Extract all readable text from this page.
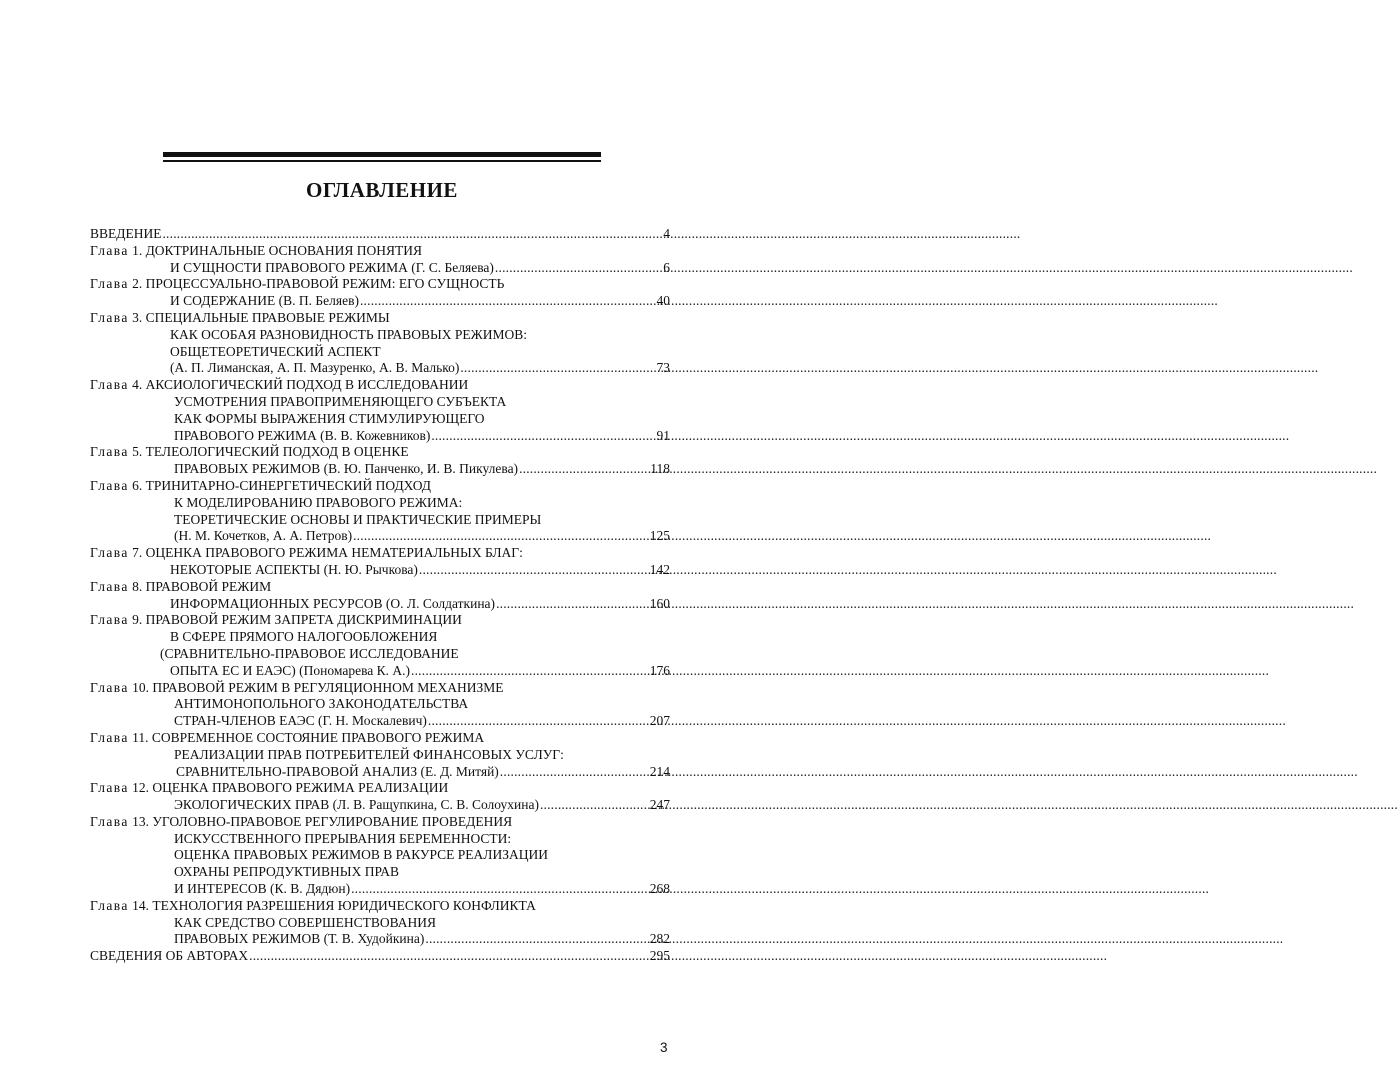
ОГЛАВЛЕНИЕ
ВВЕДЕНИЕ .....	4
Глава
1. ДОКТРИНАЛЬНЫЕ ОСНОВАНИЯ ПОНЯТИЯ
И СУЩНОСТИ ПРАВОВОГО РЕЖИМА (Г. С. Беляева) .....	6
Глава
2. ПРОЦЕССУАЛЬНО-ПРАВОВОЙ РЕЖИМ: ЕГО СУЩНОСТЬ
И СОДЕРЖАНИЕ (В. П. Беляев) .....	40
Глава
3. СПЕЦИАЛЬНЫЕ ПРАВОВЫЕ РЕЖИМЫ
КАК ОСОБАЯ РАЗНОВИДНОСТЬ ПРАВОВЫХ РЕЖИМОВ:
ОБЩЕТЕОРЕТИЧЕСКИЙ АСПЕКТ
(А. П. Лиманская, А. П. Мазуренко, А. В. Малько) .....	73
Глава
4. АКСИОЛОГИЧЕСКИЙ ПОДХОД В ИССЛЕДОВАНИИ
УСМОТРЕНИЯ ПРАВОПРИМЕНЯЮЩЕГО СУБЪЕКТА
КАК ФОРМЫ ВЫРАЖЕНИЯ СТИМУЛИРУЮЩЕГО
ПРАВОВОГО РЕЖИМА (В. В. Кожевников) .....	91
Глава
5. ТЕЛЕОЛОГИЧЕСКИЙ ПОДХОД В ОЦЕНКЕ
ПРАВОВЫХ РЕЖИМОВ (В. Ю. Панченко, И. В. Пикулева) .....	118
Глава
6. ТРИНИТАРНО-СИНЕРГЕТИЧЕСКИЙ ПОДХОД
К МОДЕЛИРОВАНИЮ ПРАВОВОГО РЕЖИМА:
ТЕОРЕТИЧЕСКИЕ ОСНОВЫ И ПРАКТИЧЕСКИЕ ПРИМЕРЫ
(Н. М. Кочетков, А. А. Петров) .....	125
Глава
7. ОЦЕНКА ПРАВОВОГО РЕЖИМА НЕМАТЕРИАЛЬНЫХ БЛАГ:
НЕКОТОРЫЕ АСПЕКТЫ (Н. Ю. Рычкова) .....	142
Глава
8. ПРАВОВОЙ РЕЖИМ
ИНФОРМАЦИОННЫХ РЕСУРСОВ (О. Л. Солдаткина) .....	160
Глава
9. ПРАВОВОЙ РЕЖИМ ЗАПРЕТА ДИСКРИМИНАЦИИ
В СФЕРЕ ПРЯМОГО НАЛОГООБЛОЖЕНИЯ
(СРАВНИТЕЛЬНО-ПРАВОВОЕ ИССЛЕДОВАНИЕ
ОПЫТА ЕС И ЕАЭС) (Пономарева К. А.) .....	176
Глава
10. ПРАВОВОЙ РЕЖИМ В РЕГУЛЯЦИОННОМ МЕХАНИЗМЕ
АНТИМОНОПОЛЬНОГО ЗАКОНОДАТЕЛЬСТВА
СТРАН-ЧЛЕНОВ ЕАЭС (Г. Н. Москалевич) .....	207
Глава
11. СОВРЕМЕННОЕ СОСТОЯНИЕ ПРАВОВОГО РЕЖИМА
РЕАЛИЗАЦИИ ПРАВ ПОТРЕБИТЕЛЕЙ ФИНАНСОВЫХ УСЛУГ:
СРАВНИТЕЛЬНО-ПРАВОВОЙ АНАЛИЗ (Е. Д. Митяй) .....	214
Глава
12. ОЦЕНКА ПРАВОВОГО РЕЖИМА РЕАЛИЗАЦИИ
ЭКОЛОГИЧЕСКИХ ПРАВ (Л. В. Ращупкина, С. В. Солоухина) .....	247
Глава
13. УГОЛОВНО-ПРАВОВОЕ РЕГУЛИРОВАНИЕ ПРОВЕДЕНИЯ
ИСКУССТВЕННОГО ПРЕРЫВАНИЯ БЕРЕМЕННОСТИ:
ОЦЕНКА ПРАВОВЫХ РЕЖИМОВ В РАКУРСЕ РЕАЛИЗАЦИИ
ОХРАНЫ РЕПРОДУКТИВНЫХ ПРАВ
И ИНТЕРЕСОВ (К. В. Дядюн) .....	268
Глава
14. ТЕХНОЛОГИЯ РАЗРЕШЕНИЯ ЮРИДИЧЕСКОГО КОНФЛИКТА
КАК СРЕДСТВО СОВЕРШЕНСТВОВАНИЯ
ПРАВОВЫХ РЕЖИМОВ (Т. В. Худойкина) .....	282
СВЕДЕНИЯ ОБ АВТОРАХ .....	295
3
